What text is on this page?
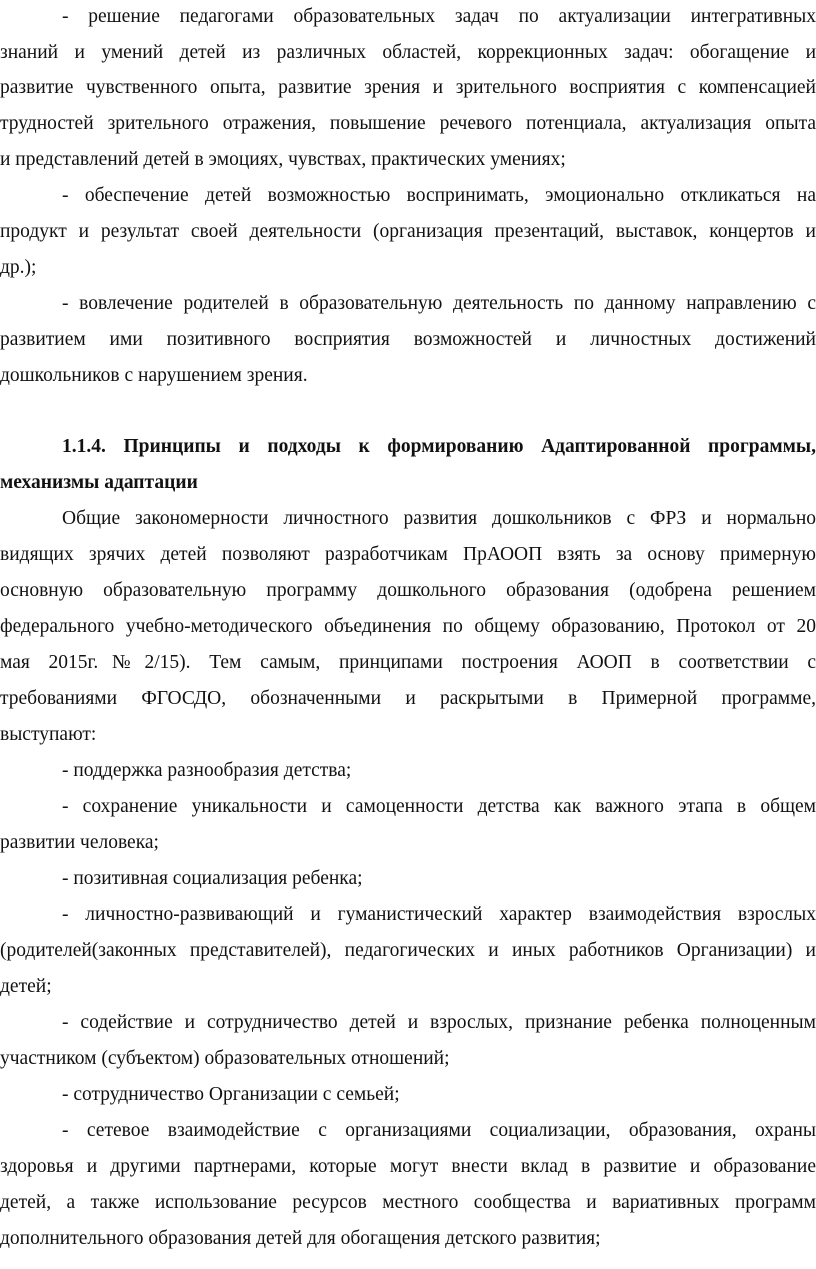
- решение педагогами образовательных задач по актуализации интегративных
знаний и умений детей из различных областей, коррекционных задач: обогащение и
развитие чувственного опыта, развитие зрения и зрительного восприятия с компенсацией
трудностей зрительного отражения, повышение речевого потенциала, актуализация опыта
и представлений детей в эмоциях, чувствах, практических умениях;
- обеспечение детей возможностью воспринимать, эмоционально откликаться на
продукт и результат своей деятельности (организация презентаций, выставок, концертов и
др.);
- вовлечение родителей в образовательную деятельность по данному направлению с
развитием ими позитивного восприятия возможностей и личностных достижений
дошкольников с нарушением зрения.
1.1.4. Принципы и подходы к формированию Адаптированной программы,
механизмы адаптации
Общие закономерности личностного развития дошкольников с ФРЗ и нормально
видящих зрячих детей позволяют разработчикам ПрАООП взять за основу примерную
основную образовательную программу дошкольного образования (одобрена решением
федерального учебно-методического объединения по общему образованию, Протокол от 20
мая 2015г.№2/15). Тем самым, принципами построения АООП в соответствии с
требованиями ФГОСДО, обозначенными и раскрытыми в Примерной программе,
выступают:
- поддержка разнообразия детства;
- сохранение уникальности и самоценности детства как важного этапа в общем
развитии человека;
- позитивная социализация ребенка;
- личностно-развивающий и гуманистический характер взаимодействия взрослых
(родителей(законных представителей), педагогических и иных работников Организации) и
детей;
- содействие и сотрудничество детей и взрослых, признание ребенка полноценным
участником (субъектом) образовательных отношений;
- сотрудничество Организации с семьей;
- сетевое взаимодействие с организациями социализации, образования, охраны
здоровья и другими партнерами, которые могут внести вклад в развитие и образование
детей, а также использование ресурсов местного сообщества и вариативных программ
дополнительного образования детей для обогащения детского развития;
